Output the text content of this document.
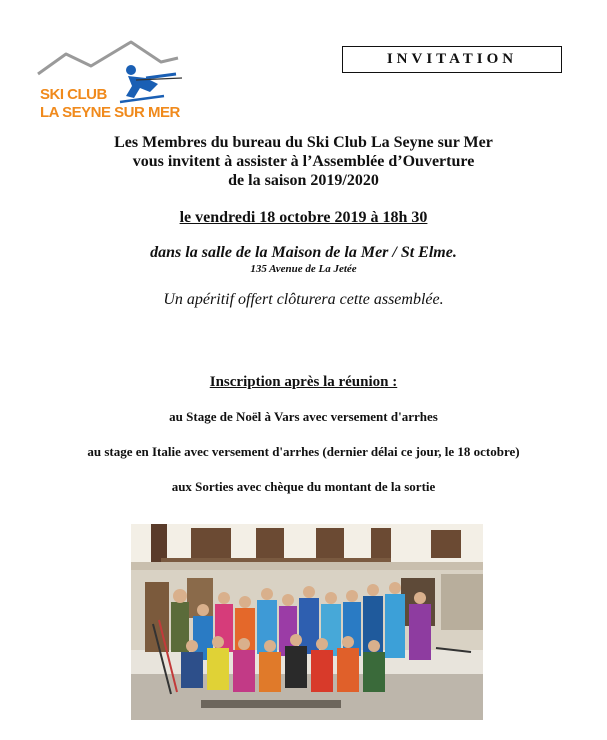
SKI CLUB
LA SEYNE SUR MER
INVITATION
Les Membres du bureau du Ski Club La Seyne sur Mer
vous invitent à assister à l’Assemblée d’Ouverture
de la saison 2019/2020
le vendredi 18 octobre 2019 à 18h 30
dans la salle de la Maison de la Mer / St Elme.
135 Avenue de La Jetée
Un apéritif offert clôturera cette assemblée.
Inscription après la réunion :
au Stage de Noël à Vars avec versement d'arrhes
au stage en Italie avec versement d'arrhes (dernier délai ce jour, le 18 octobre)
aux Sorties avec chèque du montant de la sortie
